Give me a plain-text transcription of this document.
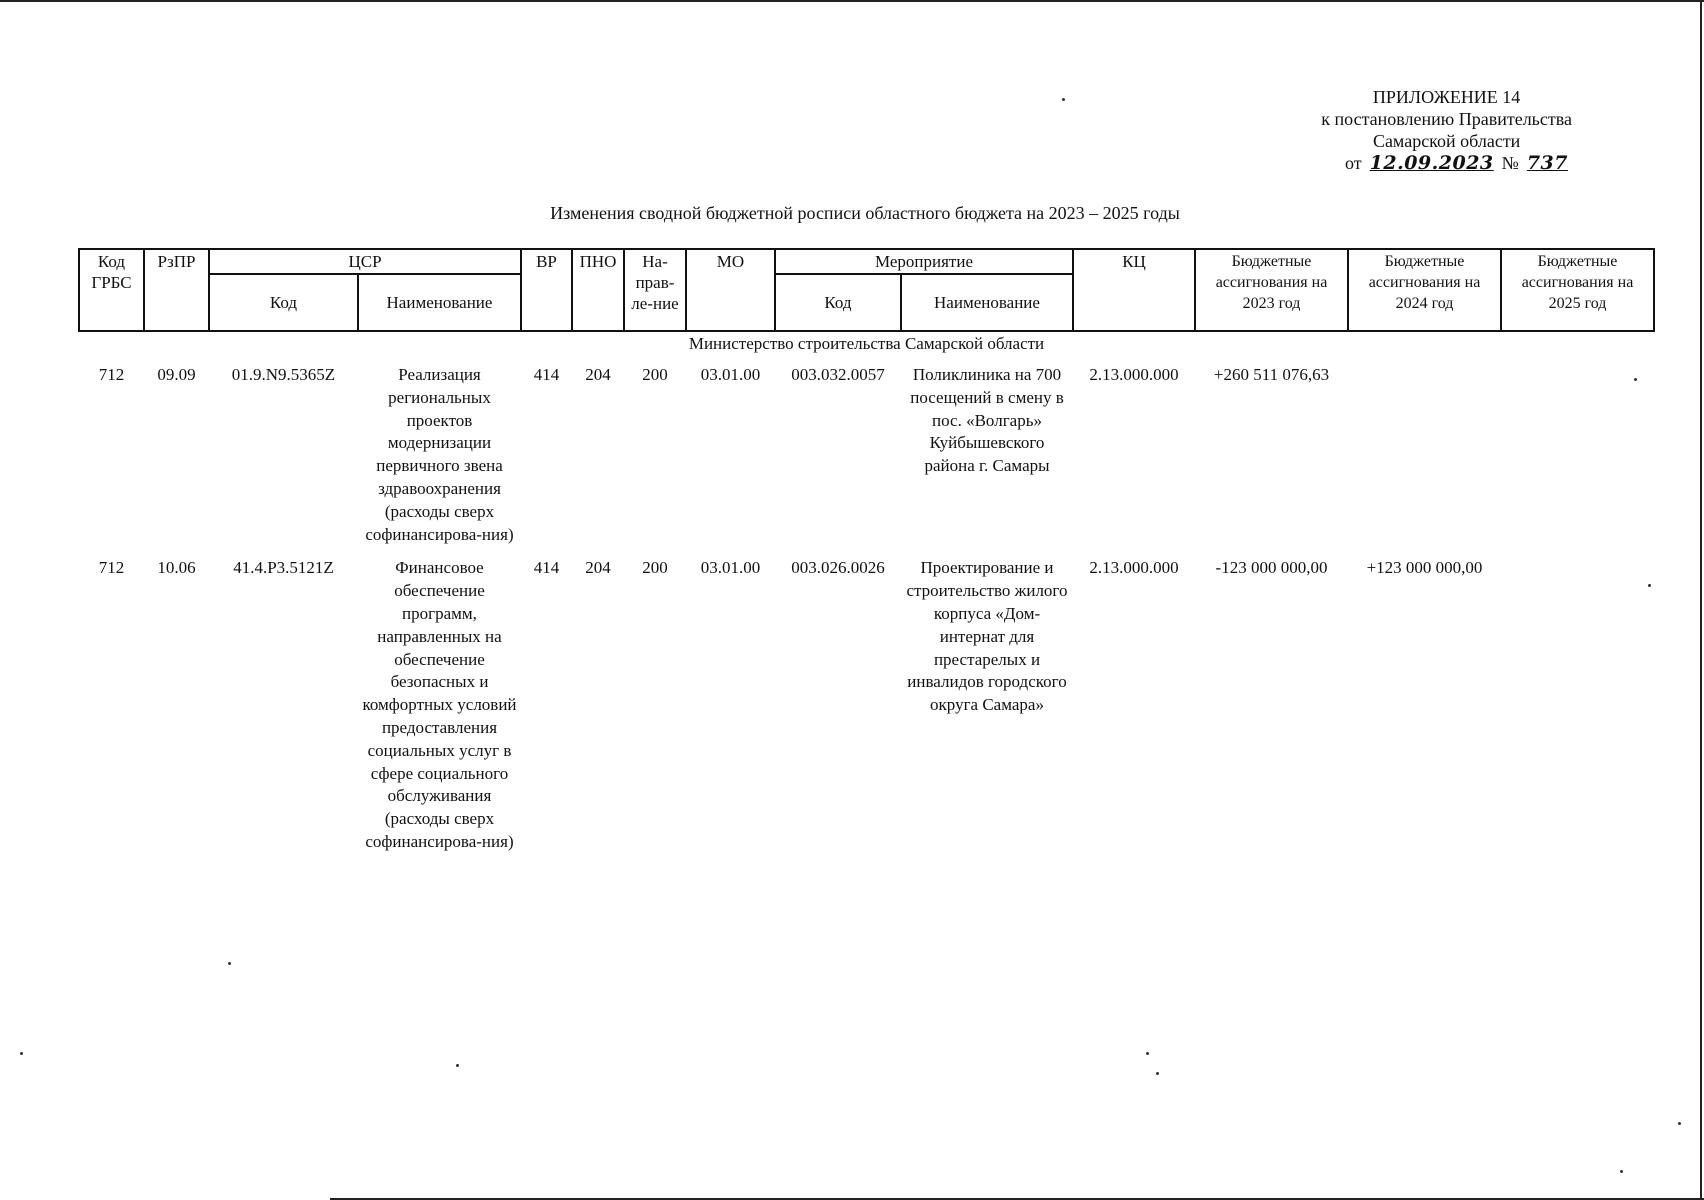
ПРИЛОЖЕНИЕ 14
к постановлению Правительства
Самарской области
от 12.09.2023 № 737
Изменения сводной бюджетной росписи областного бюджета на 2023 – 2025 годы
Код ГРБС	РзПР	ЦСР		ВР	ПНО	На-прав-ле-ние	МО	Мероприятие		КЦ	Бюджетные ассигнования на 2023 год	Бюджетные ассигнования на 2024 год	Бюджетные ассигнования на 2025 год
		Код	Наименование					Код	Наименование				
Министерство строительства Самарской области													
712	09.09	01.9.N9.5365Z	Реализация региональных проектов модернизации первичного звена здравоохранения (расходы сверх софинансирова-ния)	414	204	200	03.01.00	003.032.0057	Поликлиника на 700 посещений в смену в пос. «Волгарь» Куйбышевского района г. Самары	2.13.000.000	+260 511 076,63		
712	10.06	41.4.P3.5121Z	Финансовое обеспечение программ, направленных на обеспечение безопасных и комфортных условий предоставления социальных услуг в сфере социального обслуживания (расходы сверх софинансирова-ния)	414	204	200	03.01.00	003.026.0026	Проектирование и строительство жилого корпуса «Дом-интернат для престарелых и инвалидов городского округа Самара»	2.13.000.000	-123 000 000,00	+123 000 000,00	
